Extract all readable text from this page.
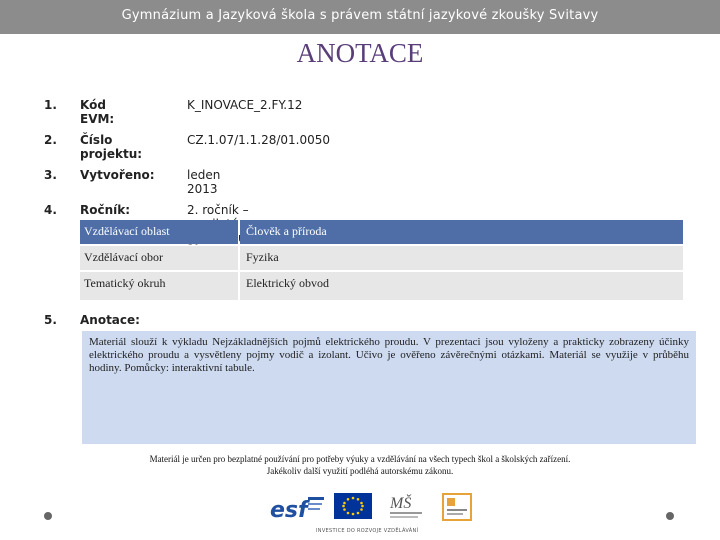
Gymnázium a Jazyková škola s právem státní jazykové zkoušky Svitavy
ANOTACE
1. Kód EVM:
K_INOVACE_2.FY.12
2. Číslo projektu:
CZ.1.07/1.1.28/01.0050
3. Vytvořeno:	leden 2013
4. Ročník:	2. ročník –
Vzdělávací oblast	Člověk a příroda
Vzdělávací obor	Fyzika
Tematický okruh	Elektrický obvod
5. Anotace:
Materiál slouží k výkladu Nejzákladnějších pojmů elektrického proudu. V prezentaci jsou vyloženy a prakticky zobrazeny účinky elektrického proudu a vysvětleny pojmy vodič a izolant. Učivo je ověřeno závěrečnými otázkami. Materiál se využije v průběhu hodiny. Pomůcky: interaktivní tabule.
Materiál je určen pro bezplatné používání pro potřeby výuky a vzdělávání na všech typech škol a školských zařízení.
Jakékoliv další využití podléhá autorskému zákonu.
esf	MŠ
INVESTICE DO ROZVOJE VZDĚLÁVÁNÍ
